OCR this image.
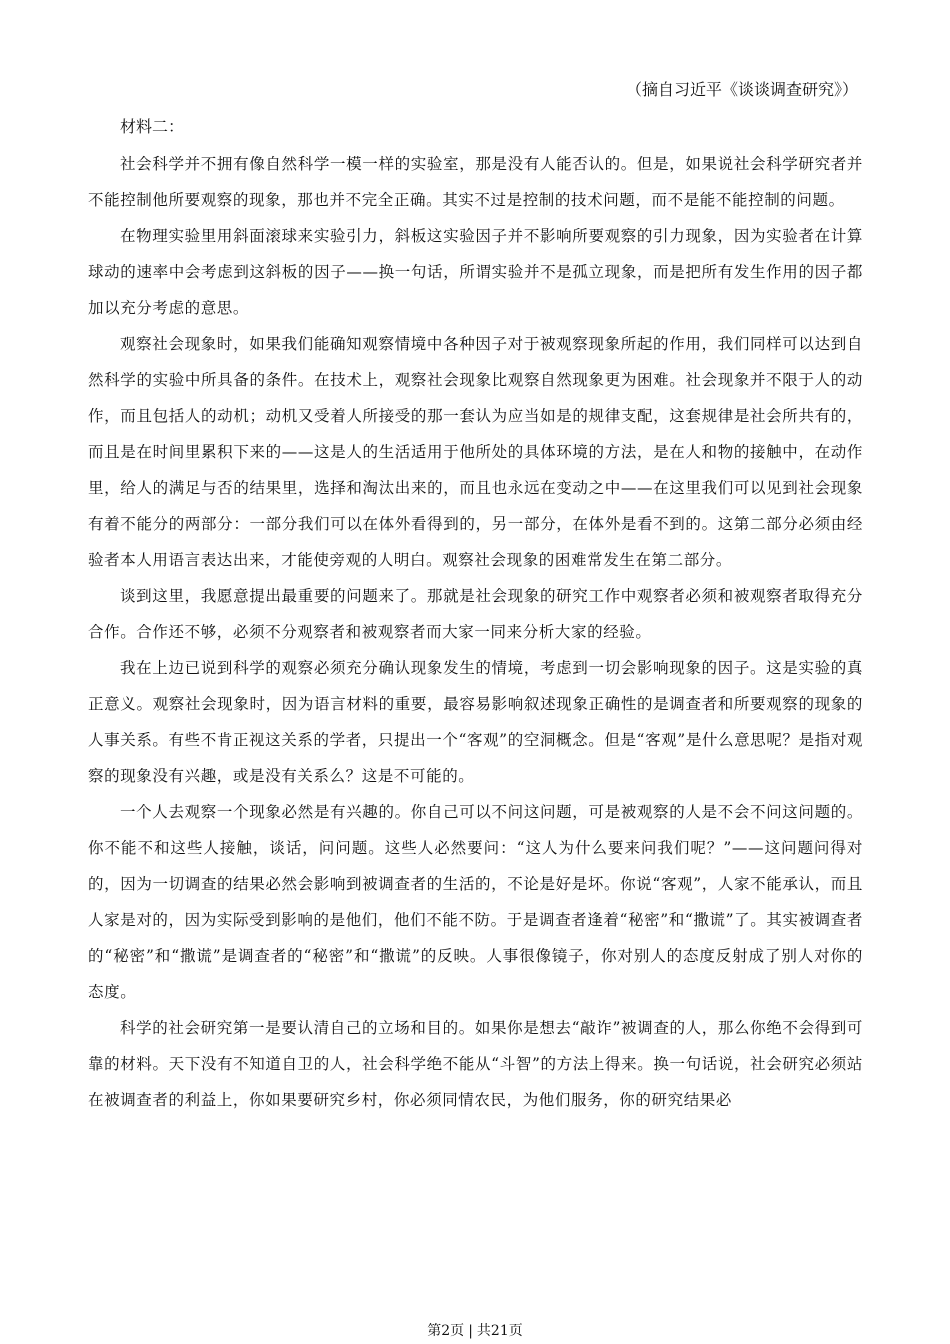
（摘自习近平《谈谈调查研究》）
材料二：

社会科学并不拥有像自然科学一模一样的实验室，那是没有人能否认的。但是，如果说社会科学研究者并不能控制他所要观察的现象，那也并不完全正确。其实不过是控制的技术问题，而不是能不能控制的问题。

在物理实验里用斜面滚球来实验引力，斜板这实验因子并不影响所要观察的引力现象，因为实验者在计算球动的速率中会考虑到这斜板的因子——换一句话，所谓实验并不是孤立现象，而是把所有发生作用的因子都加以充分考虑的意思。

观察社会现象时，如果我们能确知观察情境中各种因子对于被观察现象所起的作用，我们同样可以达到自然科学的实验中所具备的条件。在技术上，观察社会现象比观察自然现象更为困难。社会现象并不限于人的动作，而且包括人的动机；动机又受着人所接受的那一套认为应当如是的规律支配，这套规律是社会所共有的，而且是在时间里累积下来的——这是人的生活适用于他所处的具体环境的方法，是在人和物的接触中，在动作里，给人的满足与否的结果里，选择和淘汰出来的，而且也永远在变动之中——在这里我们可以见到社会现象有着不能分的两部分：一部分我们可以在体外看得到的，另一部分，在体外是看不到的。这第二部分必须由经验者本人用语言表达出来，才能使旁观的人明白。观察社会现象的困难常发生在第二部分。

谈到这里，我愿意提出最重要的问题来了。那就是社会现象的研究工作中观察者必须和被观察者取得充分合作。合作还不够，必须不分观察者和被观察者而大家一同来分析大家的经验。

我在上边已说到科学的观察必须充分确认现象发生的情境，考虑到一切会影响现象的因子。这是实验的真正意义。观察社会现象时，因为语言材料的重要，最容易影响叙述现象正确性的是调查者和所要观察的现象的人事关系。有些不肯正视这关系的学者，只提出一个“客观”的空洞概念。但是“客观”是什么意思呢？是指对观察的现象没有兴趣，或是没有关系么？这是不可能的。

一个人去观察一个现象必然是有兴趣的。你自己可以不问这问题，可是被观察的人是不会不问这问题的。你不能不和这些人接触，谈话，问问题。这些人必然要问：“这人为什么要来问我们呢？”——这问题问得对的，因为一切调查的结果必然会影响到被调查者的生活的，不论是好是坏。你说“客观”，人家不能承认，而且人家是对的，因为实际受到影响的是他们，他们不能不防。于是调查者逢着“秘密”和“撒谎”了。其实被调查者的“秘密”和“撒谎”是调查者的“秘密”和“撒谎”的反映。人事很像镜子，你对别人的态度反射成了别人对你的态度。

科学的社会研究第一是要认清自己的立场和目的。如果你是想去“敲诈”被调查的人，那么你绝不会得到可靠的材料。天下没有不知道自卫的人，社会科学绝不能从“斗智”的方法上得来。换一句话说，社会研究必须站在被调查者的利益上，你如果要研究乡村，你必须同情农民，为他们服务，你的研究结果必

第2页 | 共21页
